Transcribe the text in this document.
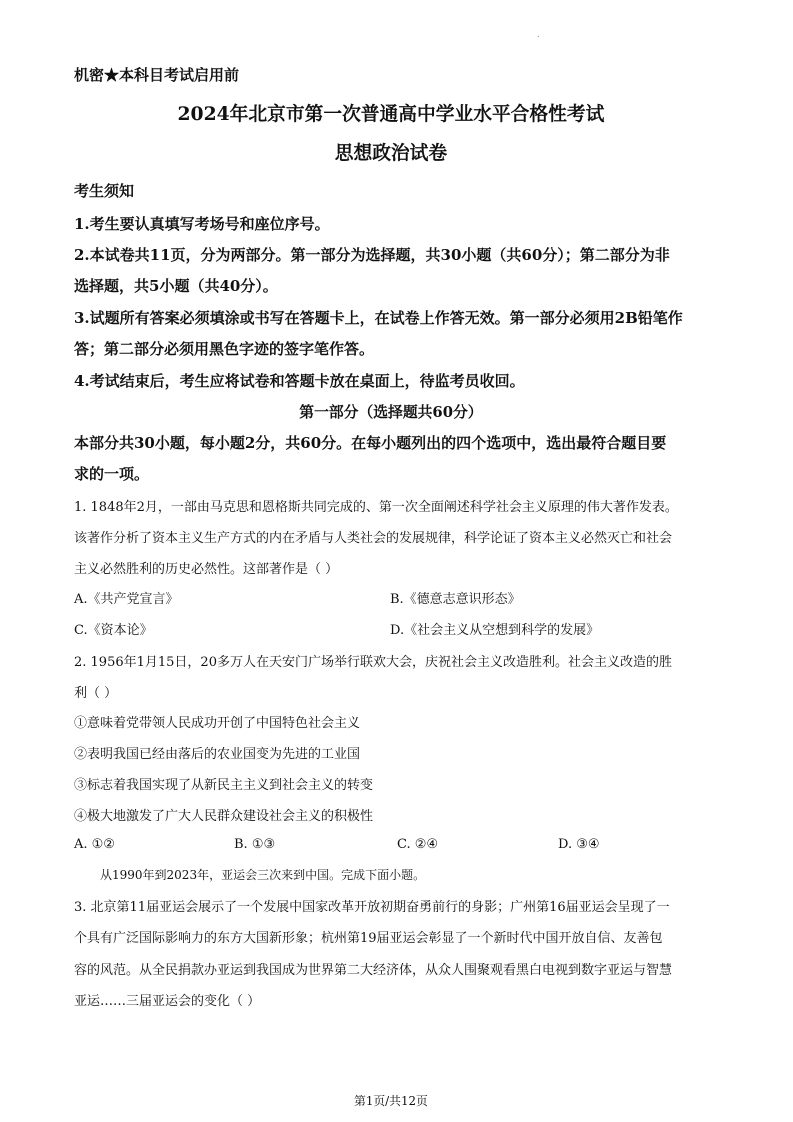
.
机密★本科目考试启用前
2024年北京市第一次普通高中学业水平合格性考试
思想政治试卷
考生须知
1.考生要认真填写考场号和座位序号。
2.本试卷共11页，分为两部分。第一部分为选择题，共30小题（共60分）；第二部分为非
选择题，共5小题（共40分）。
3.试题所有答案必须填涂或书写在答题卡上，在试卷上作答无效。第一部分必须用2B铅笔作
答；第二部分必须用黑色字迹的签字笔作答。
4.考试结束后，考生应将试卷和答题卡放在桌面上，待监考员收回。
第一部分（选择题共60分）
本部分共30小题，每小题2分，共60分。在每小题列出的四个选项中，选出最符合题目要
求的一项。
1. 1848年2月，一部由马克思和恩格斯共同完成的、第一次全面阐述科学社会主义原理的伟大著作发表。
该著作分析了资本主义生产方式的内在矛盾与人类社会的发展规律，科学论证了资本主义必然灭亡和社会
主义必然胜利的历史必然性。这部著作是（ ）
A.《共产党宣言》	B.《德意志意识形态》
C.《资本论》	D.《社会主义从空想到科学的发展》
2. 1956年1月15日，20多万人在天安门广场举行联欢大会，庆祝社会主义改造胜利。社会主义改造的胜
利（ ）
①意味着党带领人民成功开创了中国特色社会主义
②表明我国已经由落后的农业国变为先进的工业国
③标志着我国实现了从新民主主义到社会主义的转变
④极大地激发了广大人民群众建设社会主义的积极性
A. ①②	B. ①③	C. ②④	D. ③④
从1990年到2023年，亚运会三次来到中国。完成下面小题。
3. 北京第11届亚运会展示了一个发展中国家改革开放初期奋勇前行的身影；广州第16届亚运会呈现了一
个具有广泛国际影响力的东方大国新形象；杭州第19届亚运会彰显了一个新时代中国开放自信、友善包
容的风范。从全民捐款办亚运到我国成为世界第二大经济体，从众人围聚观看黑白电视到数字亚运与智慧
亚运……三届亚运会的变化（ ）
第1页/共12页
